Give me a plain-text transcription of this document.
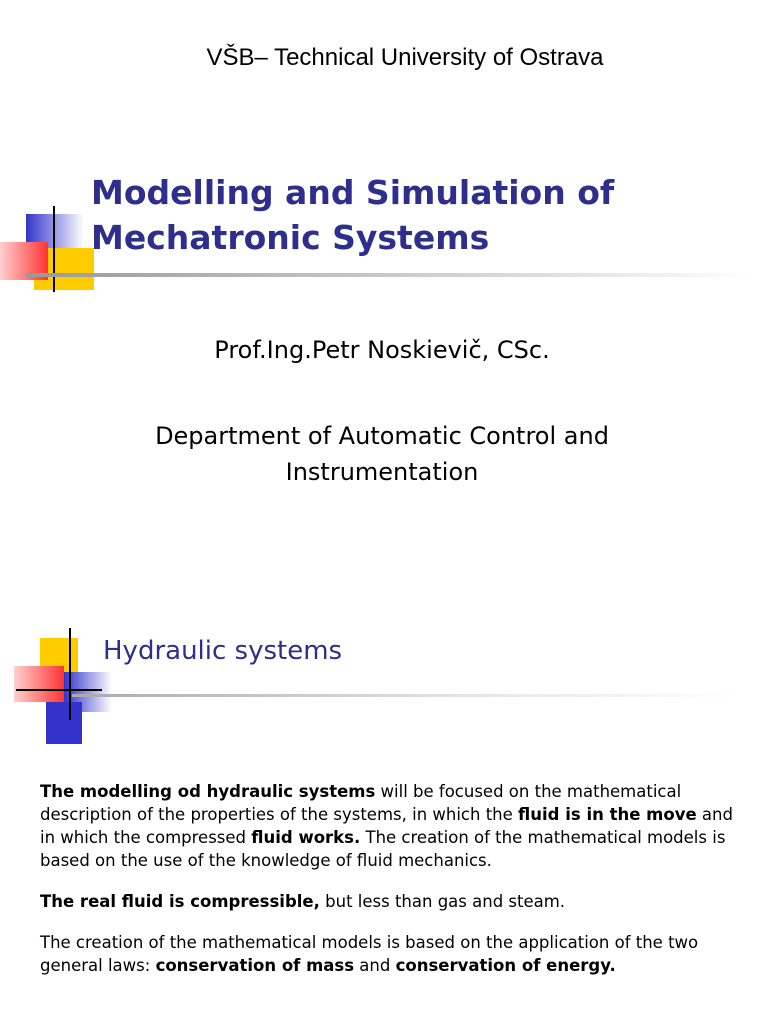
VŠB– Technical University of Ostrava
Modelling and Simulation of
Mechatronic Systems
Prof.Ing.Petr Noskievič, CSc.
Department of Automatic Control and
Instrumentation
Hydraulic systems

The modelling od hydraulic systems will be focused on the mathematical description of the properties of the systems, in which the fluid is in the move and in which the compressed fluid works. The creation of the mathematical models is based on the use of the knowledge of fluid mechanics.

The real fluid is compressible, but less than gas and steam.

The creation of the mathematical models is based on the application of the two general laws: conservation of mass and conservation of energy.
